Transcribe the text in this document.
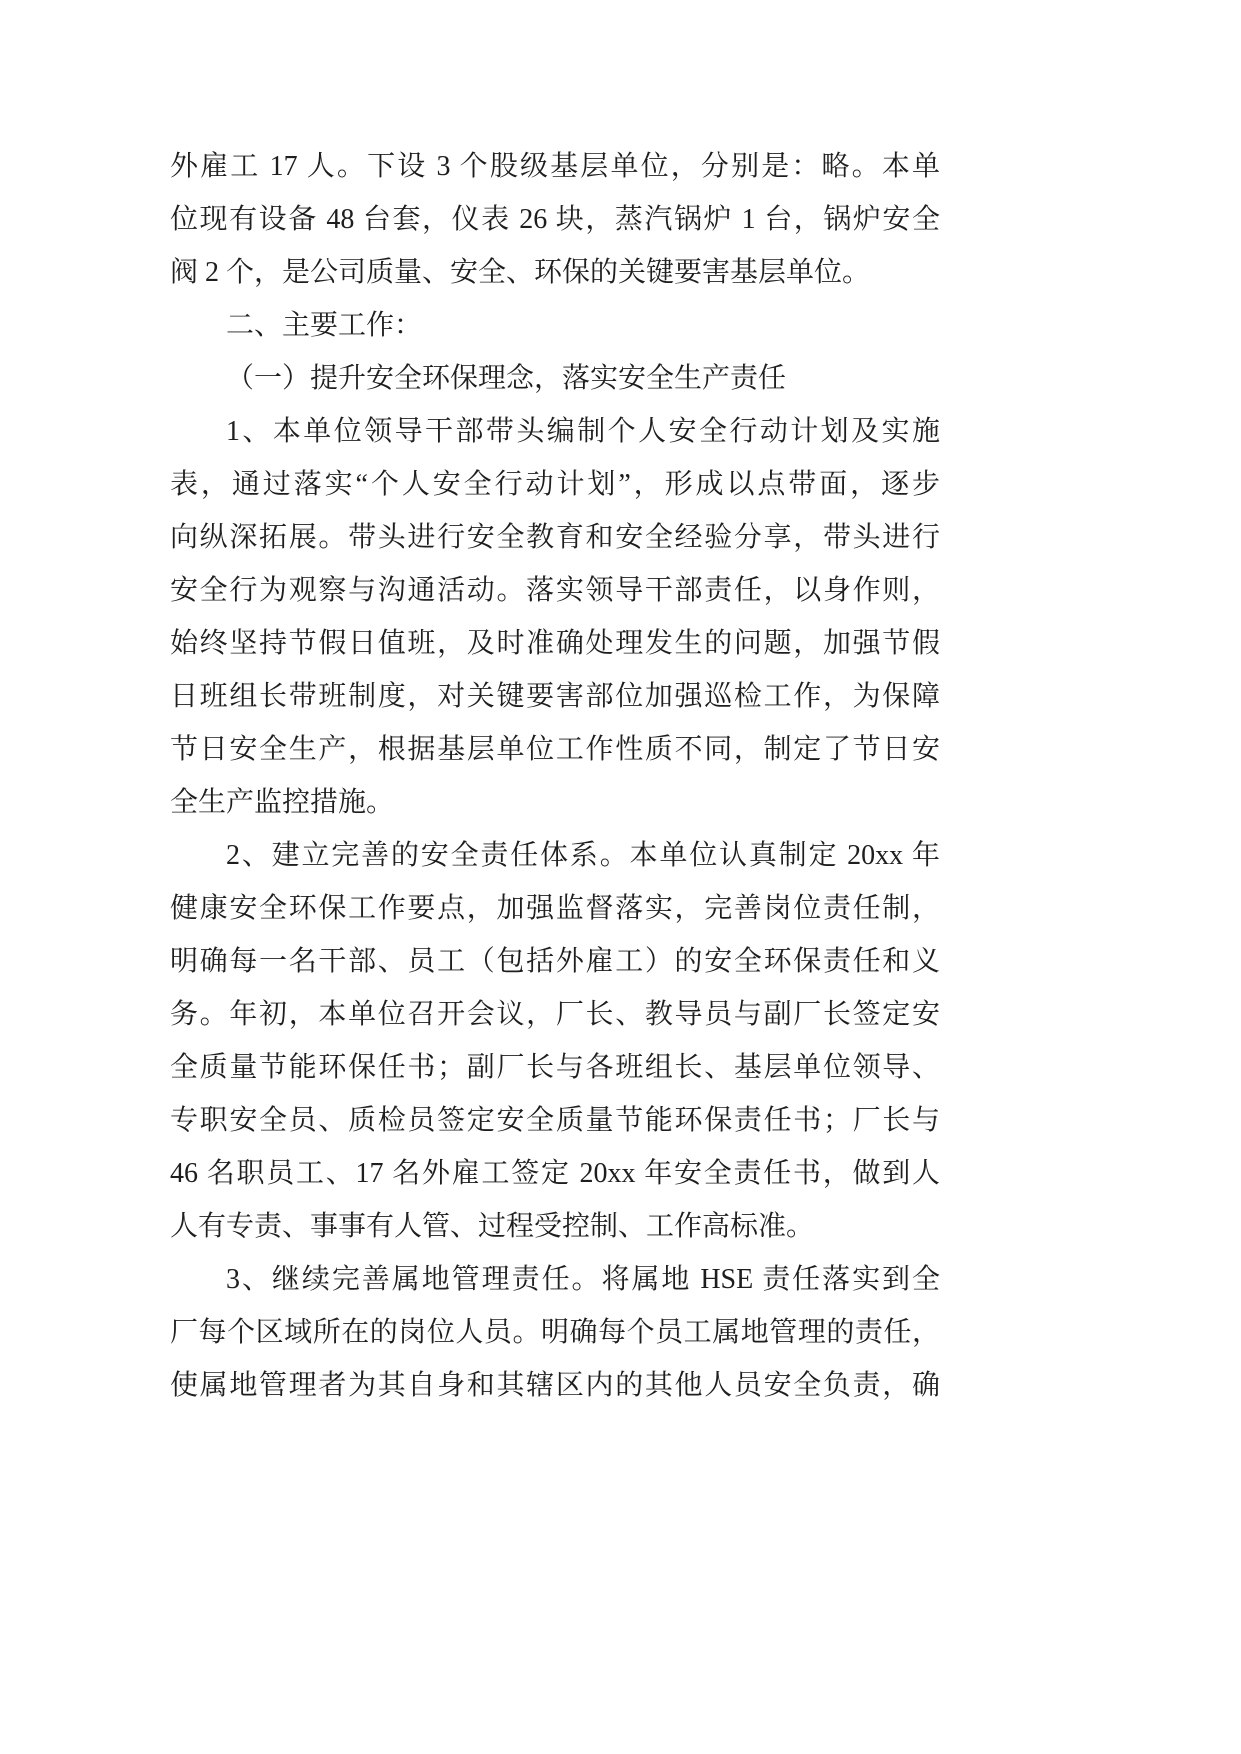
外雇工 17 人。下设 3 个股级基层单位，分别是：略。本单
位现有设备 48 台套，仪表 26 块，蒸汽锅炉 1 台，锅炉安全
阀 2 个，是公司质量、安全、环保的关键要害基层单位。
二、主要工作：
（一）提升安全环保理念，落实安全生产责任
1、本单位领导干部带头编制个人安全行动计划及实施
表，通过落实“个人安全行动计划”，形成以点带面，逐步
向纵深拓展。带头进行安全教育和安全经验分享，带头进行
安全行为观察与沟通活动。落实领导干部责任，以身作则，
始终坚持节假日值班，及时准确处理发生的问题，加强节假
日班组长带班制度，对关键要害部位加强巡检工作，为保障
节日安全生产，根据基层单位工作性质不同，制定了节日安
全生产监控措施。
2、建立完善的安全责任体系。本单位认真制定 20xx 年
健康安全环保工作要点，加强监督落实，完善岗位责任制，
明确每一名干部、员工（包括外雇工）的安全环保责任和义
务。年初，本单位召开会议，厂长、教导员与副厂长签定安
全质量节能环保任书；副厂长与各班组长、基层单位领导、
专职安全员、质检员签定安全质量节能环保责任书；厂长与
46 名职员工、17 名外雇工签定 20xx 年安全责任书，做到人
人有专责、事事有人管、过程受控制、工作高标准。
3、继续完善属地管理责任。将属地 HSE 责任落实到全
厂每个区域所在的岗位人员。明确每个员工属地管理的责任，
使属地管理者为其自身和其辖区内的其他人员安全负责，确
